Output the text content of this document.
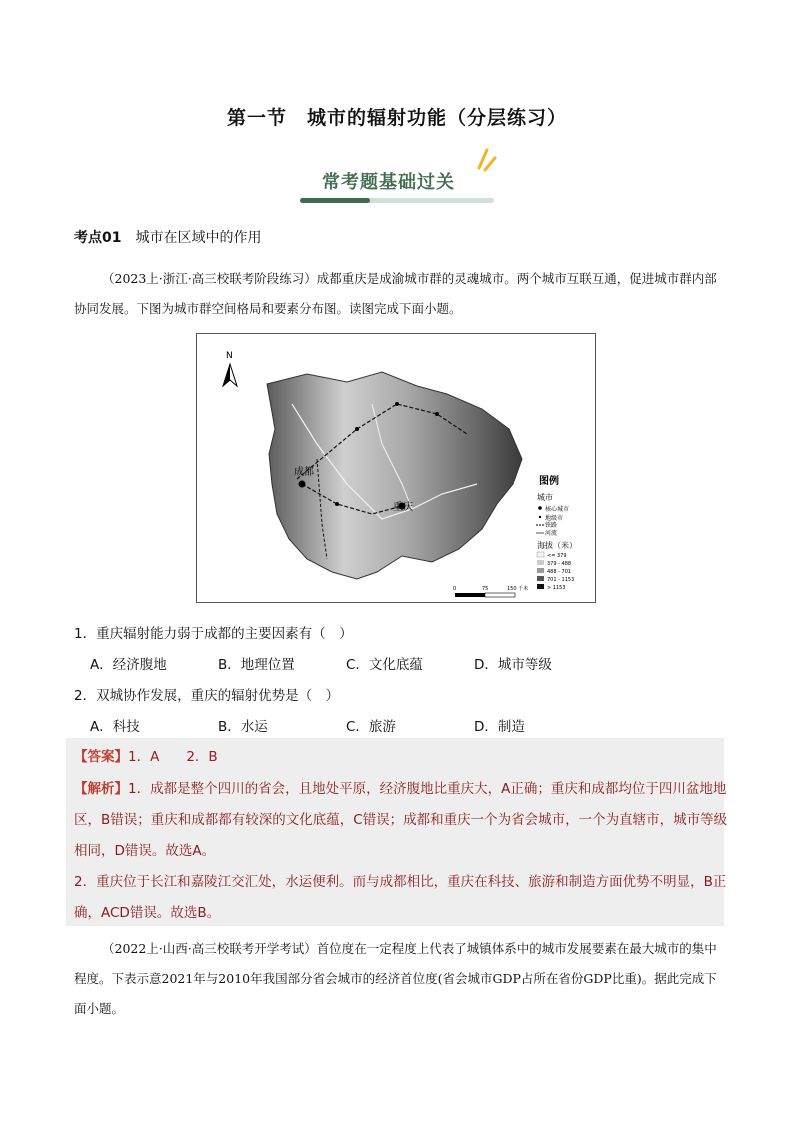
第一节　城市的辐射功能（分层练习）
常考题基础过关
考点01 城市在区域中的作用
（2023上·浙江·高三校联考阶段练习）成都重庆是成渝城市群的灵魂城市。两个城市互联互通，促进城市群内部协同发展。下图为城市群空间格局和要素分布图。读图完成下面小题。
成都
重庆
N
图例
城市
核心城市
地级市
铁路
河流
海拔（米）
<= 379
379 - 488
488 - 701
701 - 1153
> 1153
0	75	150 千米
1．重庆辐射能力弱于成都的主要因素有（　）
A．经济腹地	B．地理位置	C．文化底蕴	D．城市等级
2．双城协作发展，重庆的辐射优势是（　）
A．科技	B．水运	C．旅游	D．制造
【答案】1．A　　2．B
【解析】1．成都是整个四川的省会，且地处平原，经济腹地比重庆大，A正确；重庆和成都均位于四川盆地地区，B错误；重庆和成都都有较深的文化底蕴，C错误；成都和重庆一个为省会城市，一个为直辖市，城市等级相同，D错误。故选A。
2．重庆位于长江和嘉陵江交汇处，水运便利。而与成都相比，重庆在科技、旅游和制造方面优势不明显，B正确，ACD错误。故选B。
（2022上·山西·高三校联考开学考试）首位度在一定程度上代表了城镇体系中的城市发展要素在最大城市的集中程度。下表示意2021年与2010年我国部分省会城市的经济首位度(省会城市GDP占所在省份GDP比重)。据此完成下面小题。
